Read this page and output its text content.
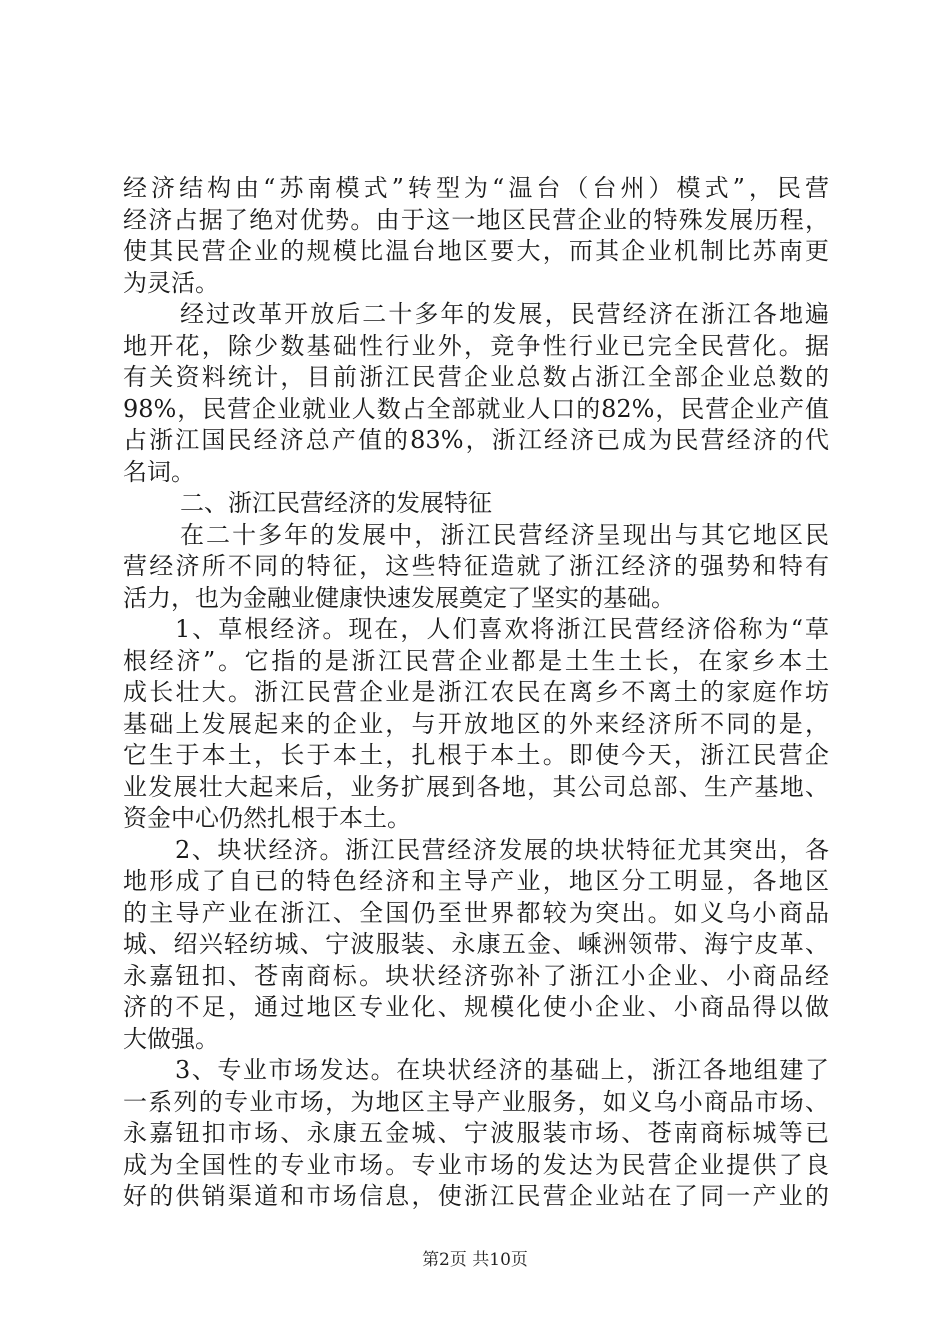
经济结构由“苏南模式”转型为“温台（台州）模式”，民营
经济占据了绝对优势。由于这一地区民营企业的特殊发展历程，
使其民营企业的规模比温台地区要大，而其企业机制比苏南更
为灵活。
经过改革开放后二十多年的发展，民营经济在浙江各地遍
地开花，除少数基础性行业外，竞争性行业已完全民营化。据
有关资料统计，目前浙江民营企业总数占浙江全部企业总数的
98%，民营企业就业人数占全部就业人口的82%，民营企业产值
占浙江国民经济总产值的83%，浙江经济已成为民营经济的代
名词。
二、浙江民营经济的发展特征
在二十多年的发展中，浙江民营经济呈现出与其它地区民
营经济所不同的特征，这些特征造就了浙江经济的强势和特有
活力，也为金融业健康快速发展奠定了坚实的基础。
1、草根经济。现在，人们喜欢将浙江民营经济俗称为“草
根经济”。它指的是浙江民营企业都是土生土长，在家乡本土
成长壮大。浙江民营企业是浙江农民在离乡不离土的家庭作坊
基础上发展起来的企业，与开放地区的外来经济所不同的是，
它生于本土，长于本土，扎根于本土。即使今天，浙江民营企
业发展壮大起来后，业务扩展到各地，其公司总部、生产基地、
资金中心仍然扎根于本土。
2、块状经济。浙江民营经济发展的块状特征尤其突出，各
地形成了自已的特色经济和主导产业，地区分工明显，各地区
的主导产业在浙江、全国仍至世界都较为突出。如义乌小商品
城、绍兴轻纺城、宁波服装、永康五金、嵊洲领带、海宁皮革、
永嘉钮扣、苍南商标。块状经济弥补了浙江小企业、小商品经
济的不足，通过地区专业化、规模化使小企业、小商品得以做
大做强。
3、专业市场发达。在块状经济的基础上，浙江各地组建了
一系列的专业市场，为地区主导产业服务，如义乌小商品市场、
永嘉钮扣市场、永康五金城、宁波服装市场、苍南商标城等已
成为全国性的专业市场。专业市场的发达为民营企业提供了良
好的供销渠道和市场信息，使浙江民营企业站在了同一产业的
第2页 共10页
